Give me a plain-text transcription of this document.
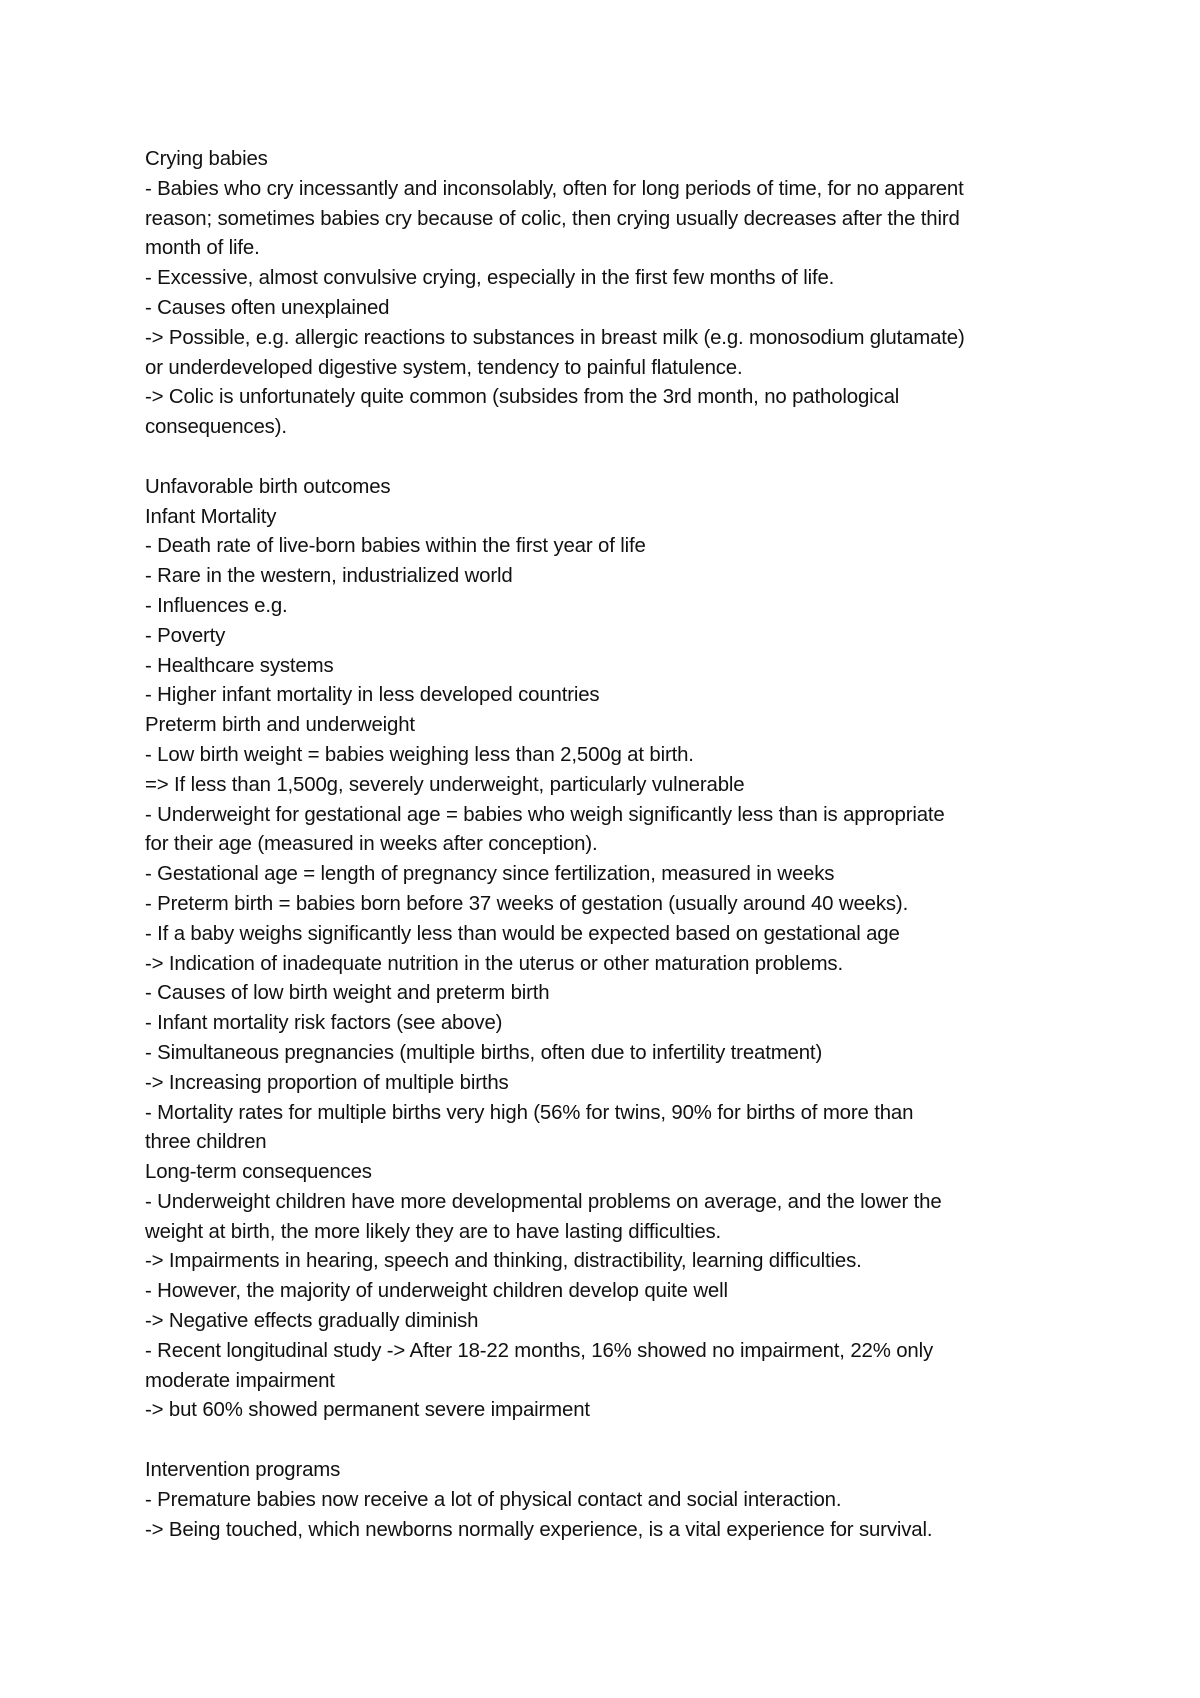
Crying babies
- Babies who cry incessantly and inconsolably, often for long periods of time, for no apparent
reason; sometimes babies cry because of colic, then crying usually decreases after the third
month of life.
- Excessive, almost convulsive crying, especially in the first few months of life.
- Causes often unexplained
-> Possible, e.g. allergic reactions to substances in breast milk (e.g. monosodium glutamate)
or underdeveloped digestive system, tendency to painful flatulence.
-> Colic is unfortunately quite common (subsides from the 3rd month, no pathological
consequences).
Unfavorable birth outcomes
Infant Mortality
- Death rate of live-born babies within the first year of life
- Rare in the western, industrialized world
- Influences e.g.
- Poverty
- Healthcare systems
- Higher infant mortality in less developed countries
Preterm birth and underweight
- Low birth weight = babies weighing less than 2,500g at birth.
=> If less than 1,500g, severely underweight, particularly vulnerable
- Underweight for gestational age = babies who weigh significantly less than is appropriate
for their age (measured in weeks after conception).
- Gestational age = length of pregnancy since fertilization, measured in weeks
- Preterm birth = babies born before 37 weeks of gestation (usually around 40 weeks).
- If a baby weighs significantly less than would be expected based on gestational age
-> Indication of inadequate nutrition in the uterus or other maturation problems.
- Causes of low birth weight and preterm birth
- Infant mortality risk factors (see above)
- Simultaneous pregnancies (multiple births, often due to infertility treatment)
-> Increasing proportion of multiple births
- Mortality rates for multiple births very high (56% for twins, 90% for births of more than
three children
Long-term consequences
- Underweight children have more developmental problems on average, and the lower the
weight at birth, the more likely they are to have lasting difficulties.
-> Impairments in hearing, speech and thinking, distractibility, learning difficulties.
- However, the majority of underweight children develop quite well
-> Negative effects gradually diminish
- Recent longitudinal study -> After 18-22 months, 16% showed no impairment, 22% only
moderate impairment
-> but 60% showed permanent severe impairment
Intervention programs
- Premature babies now receive a lot of physical contact and social interaction.
-> Being touched, which newborns normally experience, is a vital experience for survival.
